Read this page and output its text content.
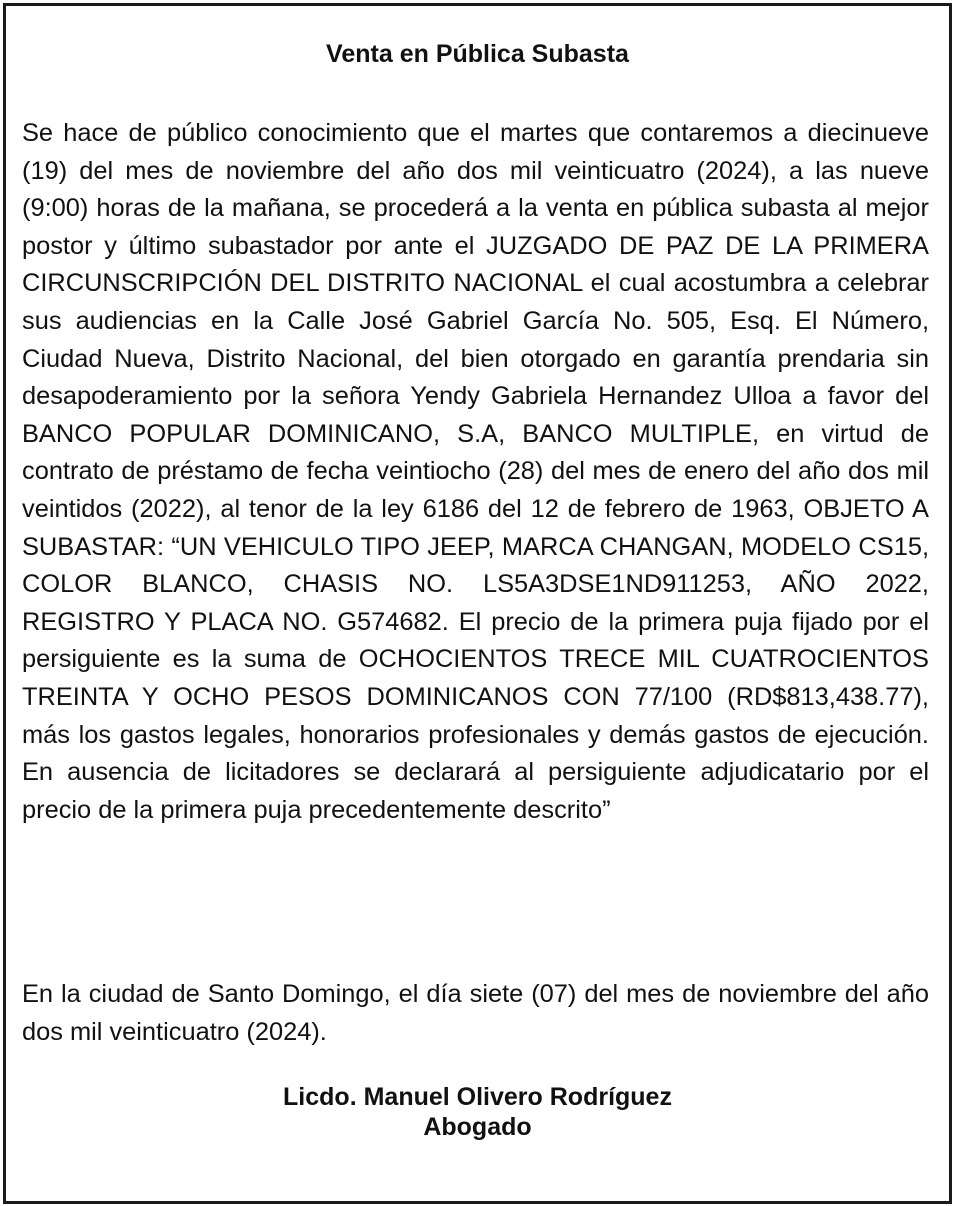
Venta en Pública Subasta
Se hace de público conocimiento que el martes que contaremos a diecinueve (19) del mes de noviembre del año dos mil veinticuatro (2024), a las nueve (9:00) horas de la mañana, se procederá a la venta en pública subasta al mejor postor y último subastador por ante el JUZGADO DE PAZ DE LA PRIMERA CIRCUNSCRIPCIÓN DEL DISTRITO NACIONAL el cual acostumbra a celebrar sus audiencias en la Calle José Gabriel García No. 505, Esq. El Número, Ciudad Nueva, Distrito Nacional, del bien otorgado en garantía prendaria sin desapoderamiento por la señora Yendy Gabriela Hernandez Ulloa a favor del BANCO POPULAR DOMINICANO, S.A, BANCO MULTIPLE, en virtud de contrato de préstamo de fecha veintiocho (28) del mes de enero del año dos mil veintidos (2022), al tenor de la ley 6186 del 12 de febrero de 1963, OBJETO A SUBASTAR: “UN VEHICULO TIPO JEEP, MARCA CHANGAN, MODELO CS15, COLOR BLANCO, CHASIS NO. LS5A3DSE1ND911253, AÑO 2022, REGISTRO Y PLACA NO. G574682. El precio de la primera puja fijado por el persiguiente es la suma de OCHOCIENTOS TRECE MIL CUATROCIENTOS TREINTA Y OCHO PESOS DOMINICANOS CON 77/100 (RD$813,438.77), más los gastos legales, honorarios profesionales y demás gastos de ejecución. En ausencia de licitadores se declarará al persiguiente adjudicatario por el precio de la primera puja precedentemente descrito”
En la ciudad de Santo Domingo, el día siete (07) del mes de noviembre del año dos mil veinticuatro (2024).
Licdo. Manuel Olivero Rodríguez
Abogado
